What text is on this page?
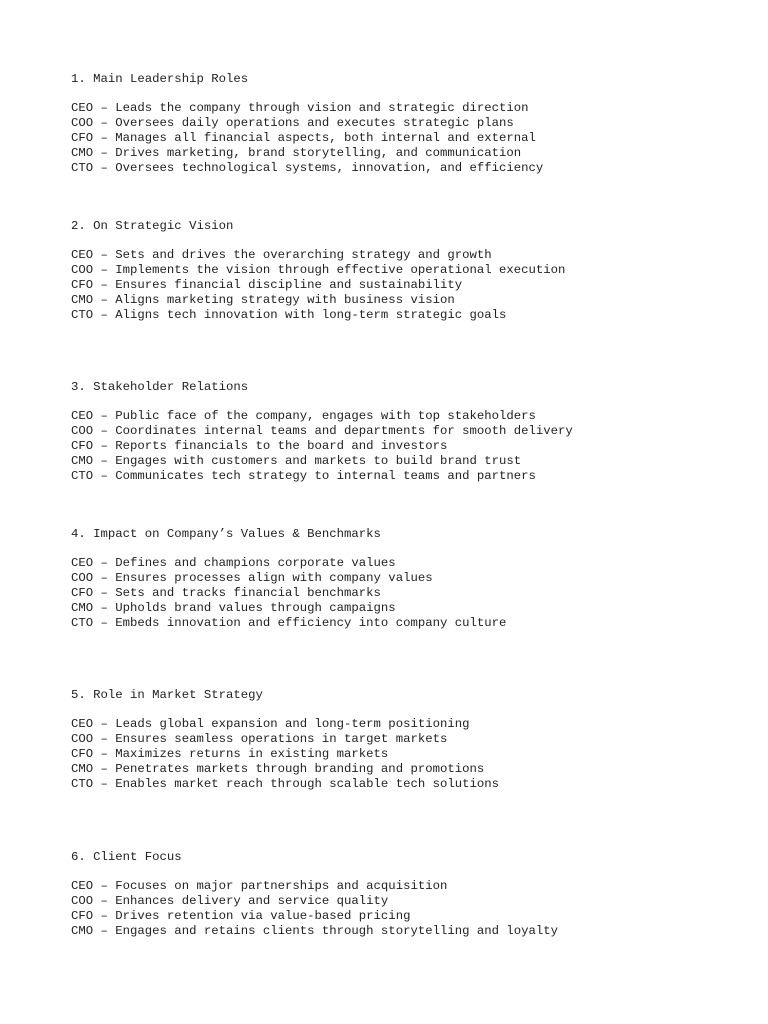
1. Main Leadership Roles
CEO – Leads the company through vision and strategic direction
COO – Oversees daily operations and executes strategic plans
CFO – Manages all financial aspects, both internal and external
CMO – Drives marketing, brand storytelling, and communication
CTO – Oversees technological systems, innovation, and efficiency
2. On Strategic Vision
CEO – Sets and drives the overarching strategy and growth
COO – Implements the vision through effective operational execution
CFO – Ensures financial discipline and sustainability
CMO – Aligns marketing strategy with business vision
CTO – Aligns tech innovation with long-term strategic goals
3. Stakeholder Relations
CEO – Public face of the company, engages with top stakeholders
COO – Coordinates internal teams and departments for smooth delivery
CFO – Reports financials to the board and investors
CMO – Engages with customers and markets to build brand trust
CTO – Communicates tech strategy to internal teams and partners
4. Impact on Company’s Values & Benchmarks
CEO – Defines and champions corporate values
COO – Ensures processes align with company values
CFO – Sets and tracks financial benchmarks
CMO – Upholds brand values through campaigns
CTO – Embeds innovation and efficiency into company culture
5. Role in Market Strategy
CEO – Leads global expansion and long-term positioning
COO – Ensures seamless operations in target markets
CFO – Maximizes returns in existing markets
CMO – Penetrates markets through branding and promotions
CTO – Enables market reach through scalable tech solutions
6. Client Focus
CEO – Focuses on major partnerships and acquisition
COO – Enhances delivery and service quality
CFO – Drives retention via value-based pricing
CMO – Engages and retains clients through storytelling and loyalty
